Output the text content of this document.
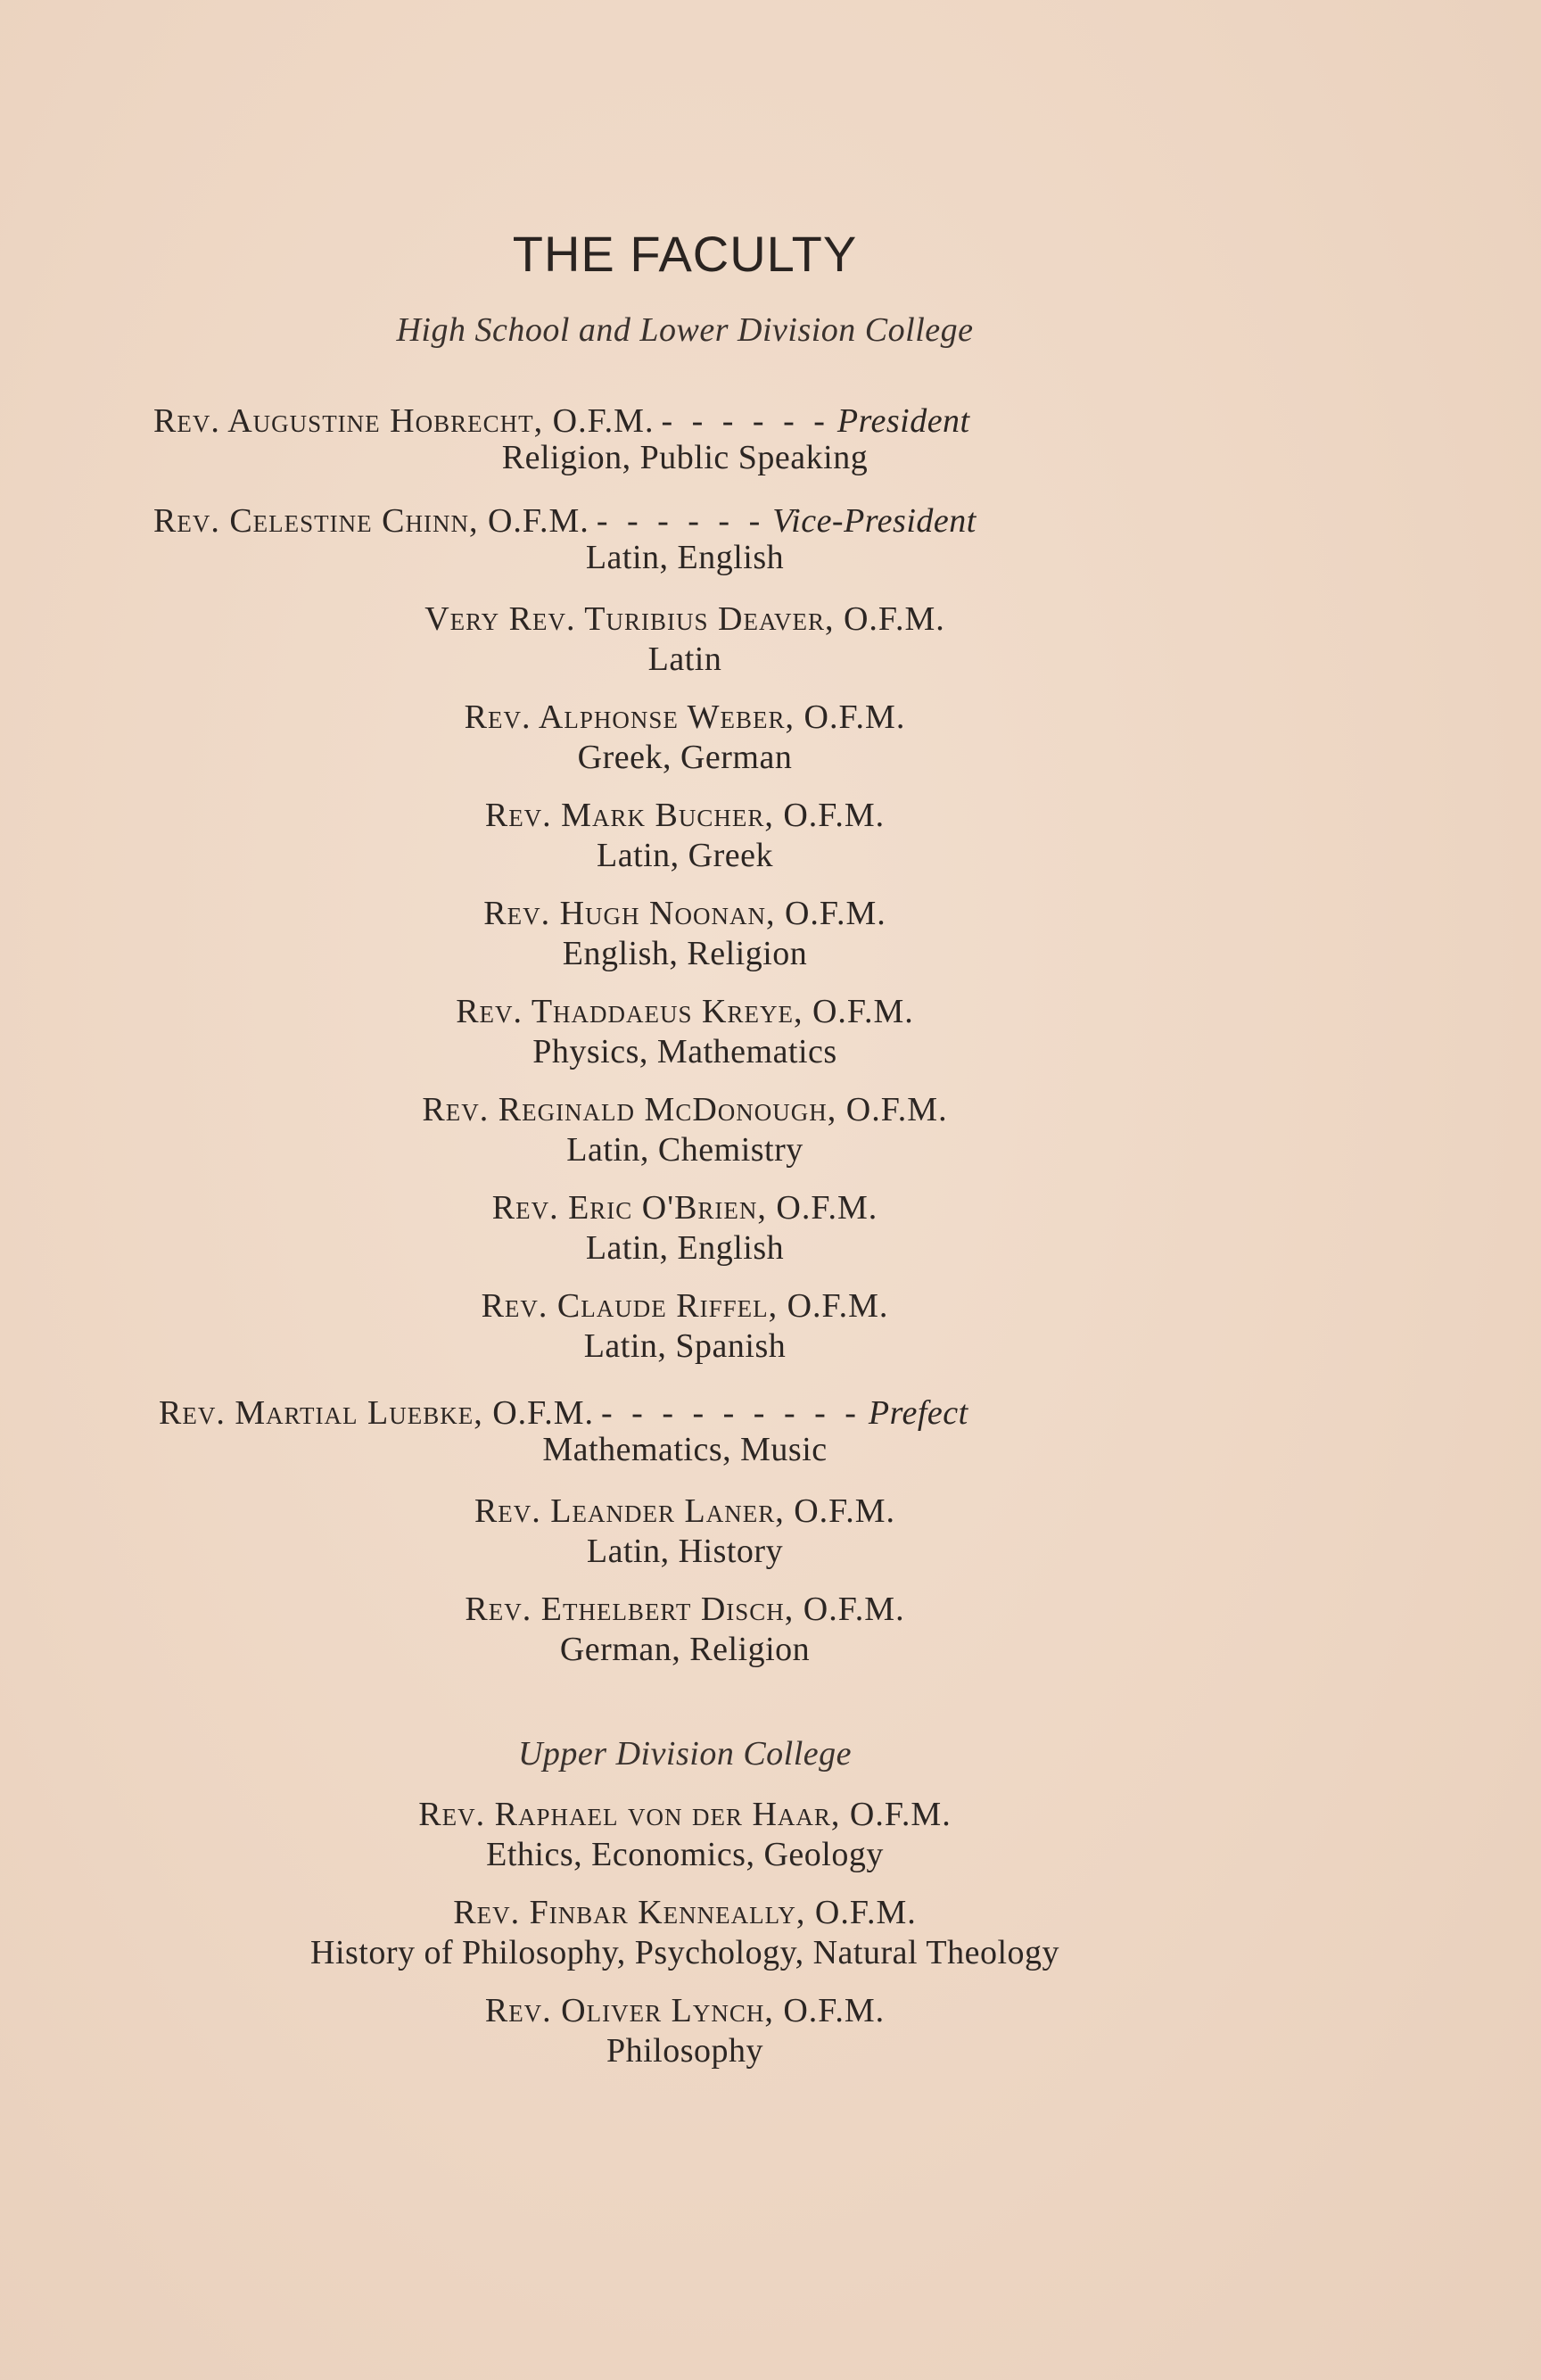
THE FACULTY
High School and Lower Division College
Rev. Augustine Hobrecht, O.F.M. - - - - - - President
Religion, Public Speaking
Rev. Celestine Chinn, O.F.M. - - - - - - Vice-President
Latin, English
Very Rev. Turibius Deaver, O.F.M.
Latin
Rev. Alphonse Weber, O.F.M.
Greek, German
Rev. Mark Bucher, O.F.M.
Latin, Greek
Rev. Hugh Noonan, O.F.M.
English, Religion
Rev. Thaddaeus Kreye, O.F.M.
Physics, Mathematics
Rev. Reginald McDonough, O.F.M.
Latin, Chemistry
Rev. Eric O'Brien, O.F.M.
Latin, English
Rev. Claude Riffel, O.F.M.
Latin, Spanish
Rev. Martial Luebke, O.F.M. - - - - - - - - - Prefect
Mathematics, Music
Rev. Leander Laner, O.F.M.
Latin, History
Rev. Ethelbert Disch, O.F.M.
German, Religion
Upper Division College
Rev. Raphael von der Haar, O.F.M.
Ethics, Economics, Geology
Rev. Finbar Kenneally, O.F.M.
History of Philosophy, Psychology, Natural Theology
Rev. Oliver Lynch, O.F.M.
Philosophy
